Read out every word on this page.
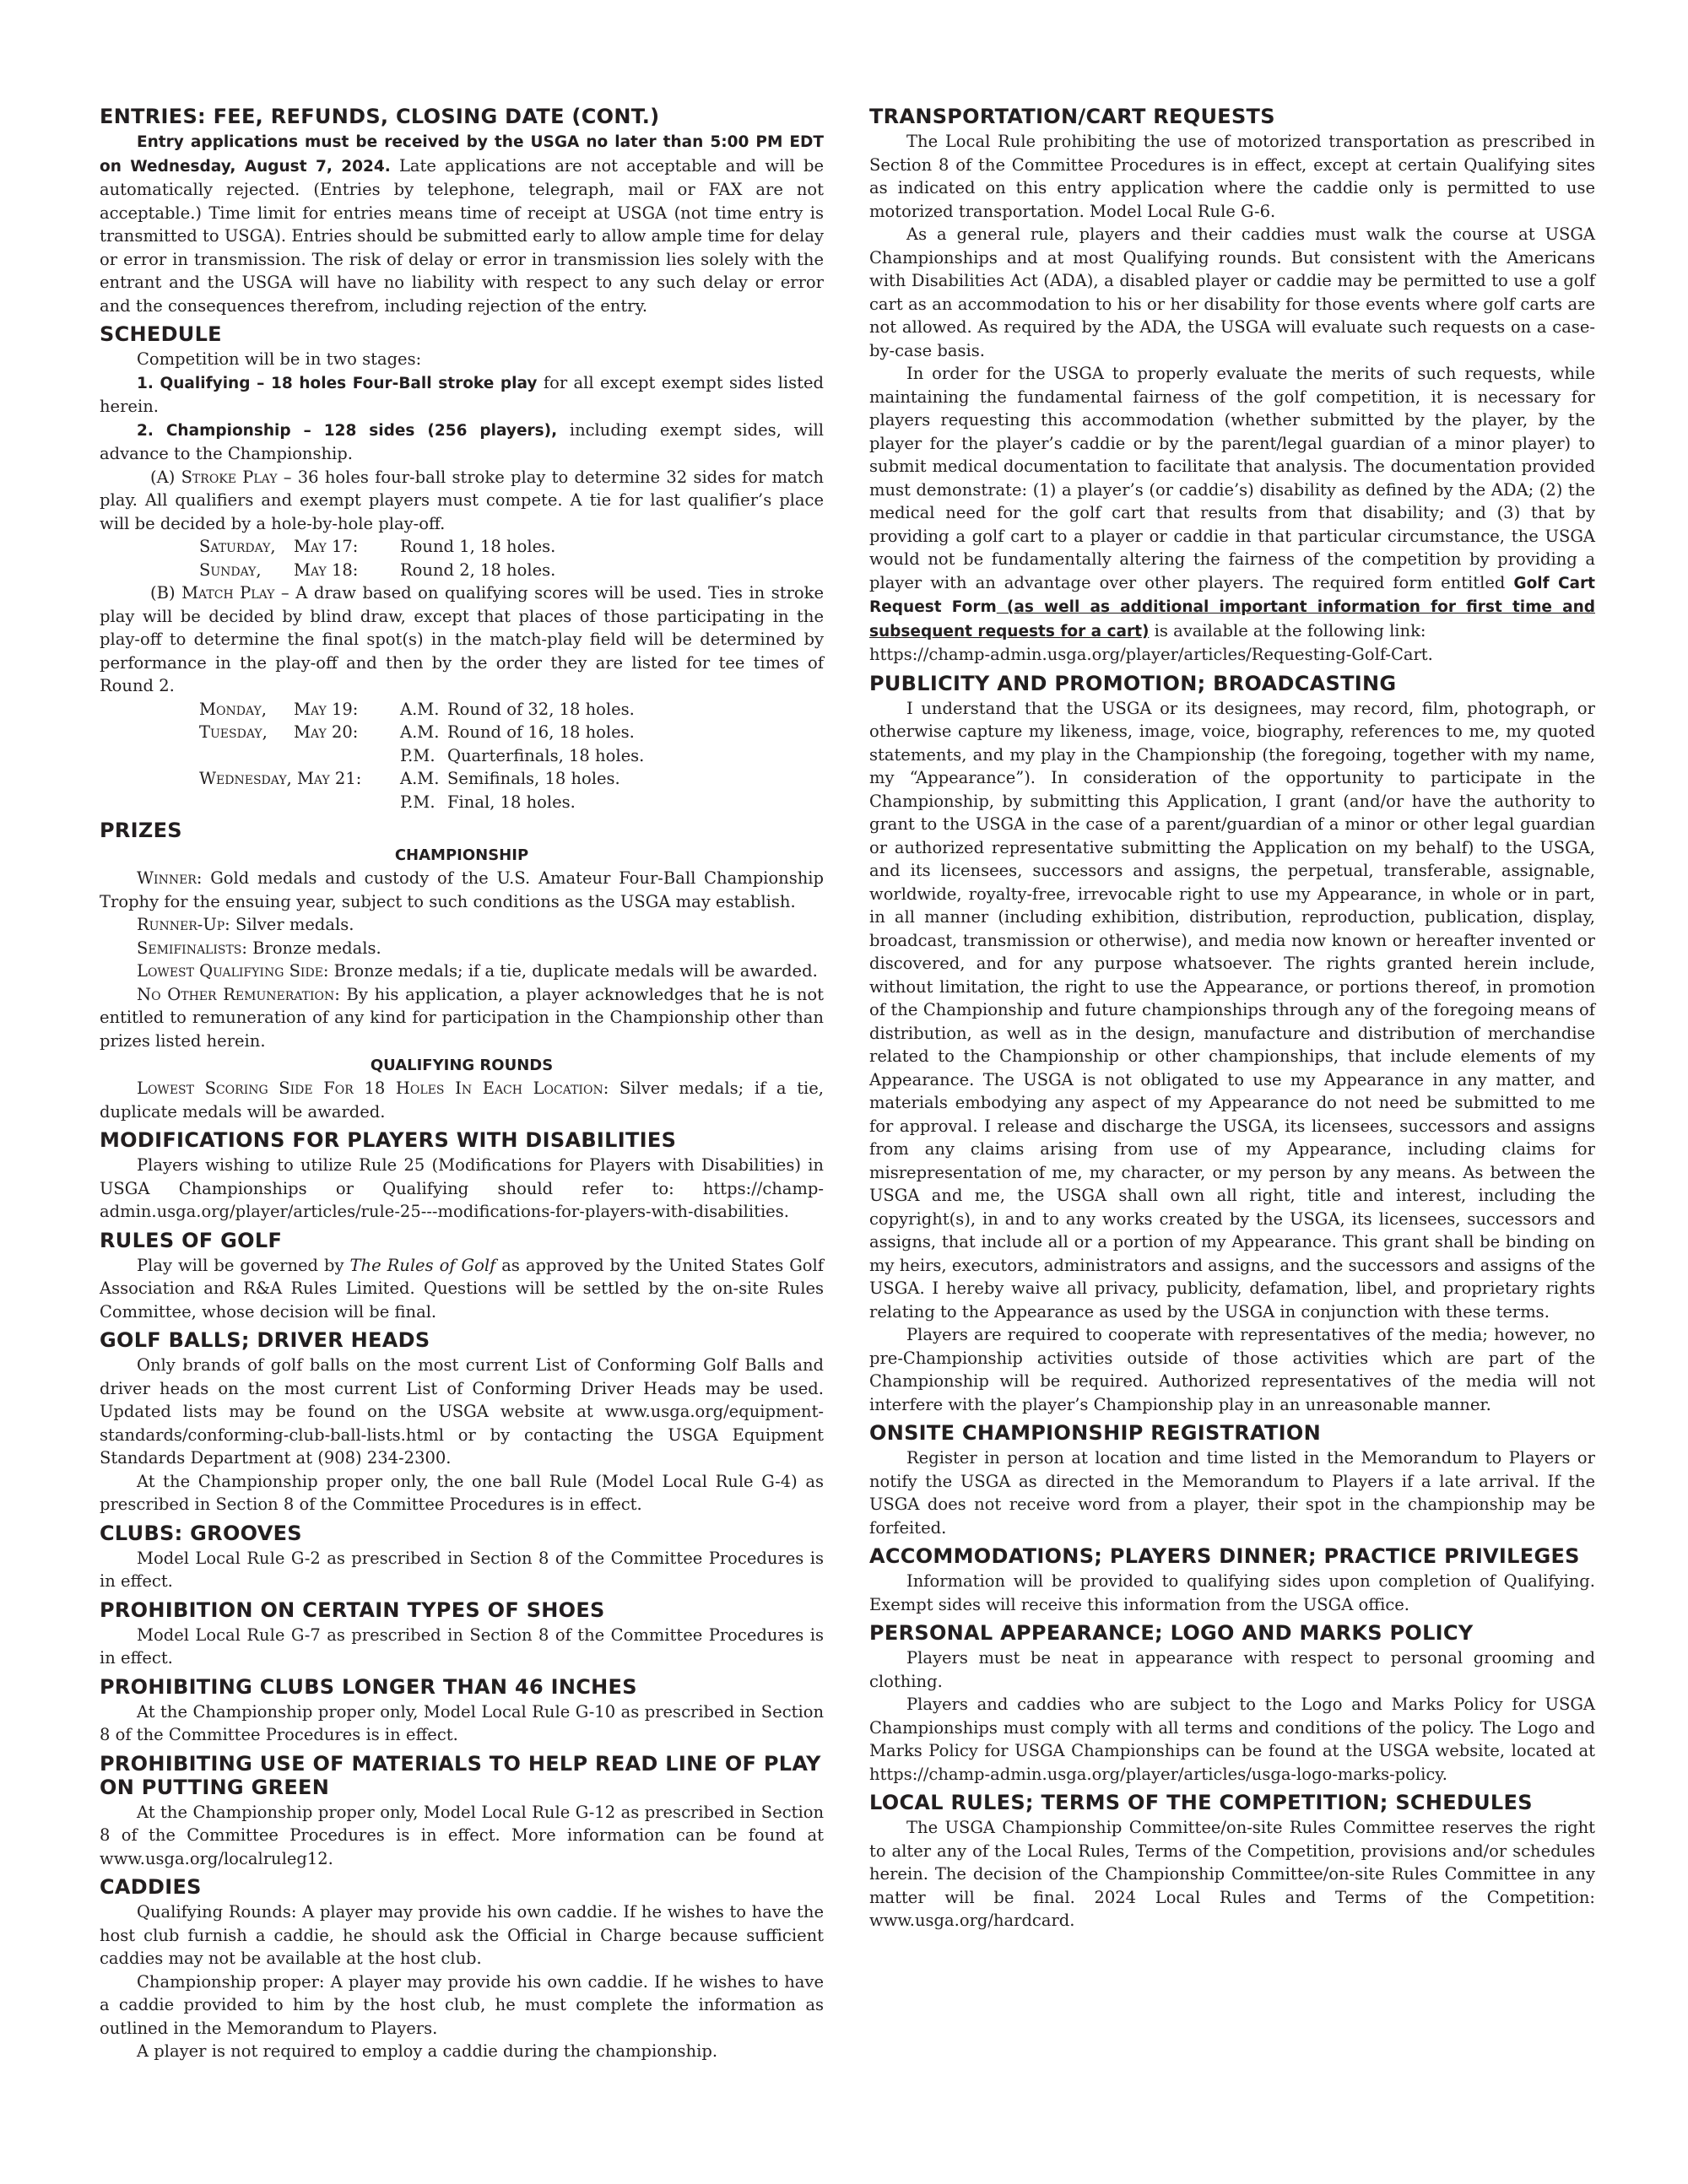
ENTRIES: FEE, REFUNDS, CLOSING DATE (CONT.)

Entry applications must be received by the USGA no later than 5:00 PM EDT on Wednesday, August 7, 2024. Late applications are not acceptable and will be automatically rejected. (Entries by telephone, telegraph, mail or FAX are not acceptable.) Time limit for entries means time of receipt at USGA (not time entry is transmitted to USGA). Entries should be submitted early to allow ample time for delay or error in transmission. The risk of delay or error in transmission lies solely with the entrant and the USGA will have no liability with respect to any such delay or error and the consequences therefrom, including rejection of the entry.

SCHEDULE

Competition will be in two stages:

1. Qualifying – 18 holes Four-Ball stroke play for all except exempt sides listed herein.

2. Championship – 128 sides (256 players), including exempt sides, will advance to the Championship.

(A) Stroke Play – 36 holes four-ball stroke play to determine 32 sides for match play. All qualifiers and exempt players must compete. A tie for last qualifier’s place will be decided by a hole-by-hole play-off.

Saturday,	May 17:	Round 1, 18 holes.
Sunday,	May 18:	Round 2, 18 holes.

(B) Match Play – A draw based on qualifying scores will be used. Ties in stroke play will be decided by blind draw, except that places of those participating in the play-off to determine the final spot(s) in the match-play field will be determined by performance in the play-off and then by the order they are listed for tee times of Round 2.

Monday,	May 19:	A.M.	Round of 32, 18 holes.
Tuesday,	May 20:	A.M.	Round of 16, 18 holes.
		P.M.	Quarterfinals, 18 holes.
Wednesday, May 21:		A.M.	Semifinals, 18 holes.
		P.M.	Final, 18 holes.
PRIZES
CHAMPIONSHIP

Winner: Gold medals and custody of the U.S. Amateur Four-Ball Championship Trophy for the ensuing year, subject to such conditions as the USGA may establish.

Runner-Up: Silver medals.

Semifinalists: Bronze medals.

Lowest Qualifying Side: Bronze medals; if a tie, duplicate medals will be awarded.

No Other Remuneration: By his application, a player acknowledges that he is not entitled to remuneration of any kind for participation in the Championship other than prizes listed herein.

QUALIFYING ROUNDS

Lowest Scoring Side For 18 Holes In Each Location: Silver medals; if a tie, duplicate medals will be awarded.

MODIFICATIONS FOR PLAYERS WITH DISABILITIES

Players wishing to utilize Rule 25 (Modifications for Players with Disabilities) in USGA Championships or Qualifying should refer to: https://champ-admin.usga.org/player/articles/rule-25---modifications-for-players-with-disabilities.

RULES OF GOLF

Play will be governed by The Rules of Golf as approved by the United States Golf Association and R&A Rules Limited. Questions will be settled by the on-site Rules Committee, whose decision will be final.

GOLF BALLS; DRIVER HEADS

Only brands of golf balls on the most current List of Conforming Golf Balls and driver heads on the most current List of Conforming Driver Heads may be used. Updated lists may be found on the USGA website at www.usga.org/equipment-standards/conforming-club-ball-lists.html or by contacting the USGA Equipment Standards Department at (908) 234-2300.

At the Championship proper only, the one ball Rule (Model Local Rule G-4) as prescribed in Section 8 of the Committee Procedures is in effect.

CLUBS: GROOVES

Model Local Rule G-2 as prescribed in Section 8 of the Committee Procedures is in effect.

PROHIBITION ON CERTAIN TYPES OF SHOES

Model Local Rule G-7 as prescribed in Section 8 of the Committee Procedures is in effect.

PROHIBITING CLUBS LONGER THAN 46 INCHES

At the Championship proper only, Model Local Rule G-10 as prescribed in Section 8 of the Committee Procedures is in effect.

PROHIBITING USE OF MATERIALS TO HELP READ LINE OF PLAY ON PUTTING GREEN

At the Championship proper only, Model Local Rule G-12 as prescribed in Section 8 of the Committee Procedures is in effect. More information can be found at www.usga.org/localruleg12.

CADDIES

Qualifying Rounds: A player may provide his own caddie. If he wishes to have the host club furnish a caddie, he should ask the Official in Charge because sufficient caddies may not be available at the host club.

Championship proper: A player may provide his own caddie. If he wishes to have a caddie provided to him by the host club, he must complete the information as outlined in the Memorandum to Players.

A player is not required to employ a caddie during the championship.

TRANSPORTATION/CART REQUESTS

The Local Rule prohibiting the use of motorized transportation as prescribed in Section 8 of the Committee Procedures is in effect, except at certain Qualifying sites as indicated on this entry application where the caddie only is permitted to use motorized transportation. Model Local Rule G-6.

As a general rule, players and their caddies must walk the course at USGA Championships and at most Qualifying rounds. But consistent with the Americans with Disabilities Act (ADA), a disabled player or caddie may be permitted to use a golf cart as an accommodation to his or her disability for those events where golf carts are not allowed. As required by the ADA, the USGA will evaluate such requests on a case-by-case basis.

In order for the USGA to properly evaluate the merits of such requests, while maintaining the fundamental fairness of the golf competition, it is necessary for players requesting this accommodation (whether submitted by the player, by the player for the player’s caddie or by the parent/legal guardian of a minor player) to submit medical documentation to facilitate that analysis. The documentation provided must demonstrate: (1) a player’s (or caddie’s) disability as defined by the ADA; (2) the medical need for the golf cart that results from that disability; and (3) that by providing a golf cart to a player or caddie in that particular circumstance, the USGA would not be fundamentally altering the fairness of the competition by providing a player with an advantage over other players. The required form entitled Golf Cart Request Form (as well as additional important information for first time and subsequent requests for a cart) is available at the following link:
https://champ-admin.usga.org/player/articles/Requesting-Golf-Cart.

PUBLICITY AND PROMOTION; BROADCASTING

I understand that the USGA or its designees, may record, film, photograph, or otherwise capture my likeness, image, voice, biography, references to me, my quoted statements, and my play in the Championship (the foregoing, together with my name, my “Appearance”). In consideration of the opportunity to participate in the Championship, by submitting this Application, I grant (and/or have the authority to grant to the USGA in the case of a parent/guardian of a minor or other legal guardian or authorized representative submitting the Application on my behalf) to the USGA, and its licensees, successors and assigns, the perpetual, transferable, assignable, worldwide, royalty-free, irrevocable right to use my Appearance, in whole or in part, in all manner (including exhibition, distribution, reproduction, publication, display, broadcast, transmission or otherwise), and media now known or hereafter invented or discovered, and for any purpose whatsoever. The rights granted herein include, without limitation, the right to use the Appearance, or portions thereof, in promotion of the Championship and future championships through any of the foregoing means of distribution, as well as in the design, manufacture and distribution of merchandise related to the Championship or other championships, that include elements of my Appearance. The USGA is not obligated to use my Appearance in any matter, and materials embodying any aspect of my Appearance do not need be submitted to me for approval. I release and discharge the USGA, its licensees, successors and assigns from any claims arising from use of my Appearance, including claims for misrepresentation of me, my character, or my person by any means. As between the USGA and me, the USGA shall own all right, title and interest, including the copyright(s), in and to any works created by the USGA, its licensees, successors and assigns, that include all or a portion of my Appearance. This grant shall be binding on my heirs, executors, administrators and assigns, and the successors and assigns of the USGA. I hereby waive all privacy, publicity, defamation, libel, and proprietary rights relating to the Appearance as used by the USGA in conjunction with these terms.

Players are required to cooperate with representatives of the media; however, no pre-Championship activities outside of those activities which are part of the Championship will be required. Authorized representatives of the media will not interfere with the player’s Championship play in an unreasonable manner.

ONSITE CHAMPIONSHIP REGISTRATION

Register in person at location and time listed in the Memorandum to Players or notify the USGA as directed in the Memorandum to Players if a late arrival. If the USGA does not receive word from a player, their spot in the championship may be forfeited.

ACCOMMODATIONS; PLAYERS DINNER; PRACTICE PRIVILEGES

Information will be provided to qualifying sides upon completion of Qualifying. Exempt sides will receive this information from the USGA office.

PERSONAL APPEARANCE; LOGO AND MARKS POLICY

Players must be neat in appearance with respect to personal grooming and clothing.

Players and caddies who are subject to the Logo and Marks Policy for USGA Championships must comply with all terms and conditions of the policy. The Logo and Marks Policy for USGA Championships can be found at the USGA website, located at https://champ-admin.usga.org/player/articles/usga-logo-marks-policy.

LOCAL RULES; TERMS OF THE COMPETITION; SCHEDULES

The USGA Championship Committee/on-site Rules Committee reserves the right to alter any of the Local Rules, Terms of the Competition, provisions and/or schedules herein. The decision of the Championship Committee/on-site Rules Committee in any matter will be final. 2024 Local Rules and Terms of the Competition: www.usga.org/hardcard.
